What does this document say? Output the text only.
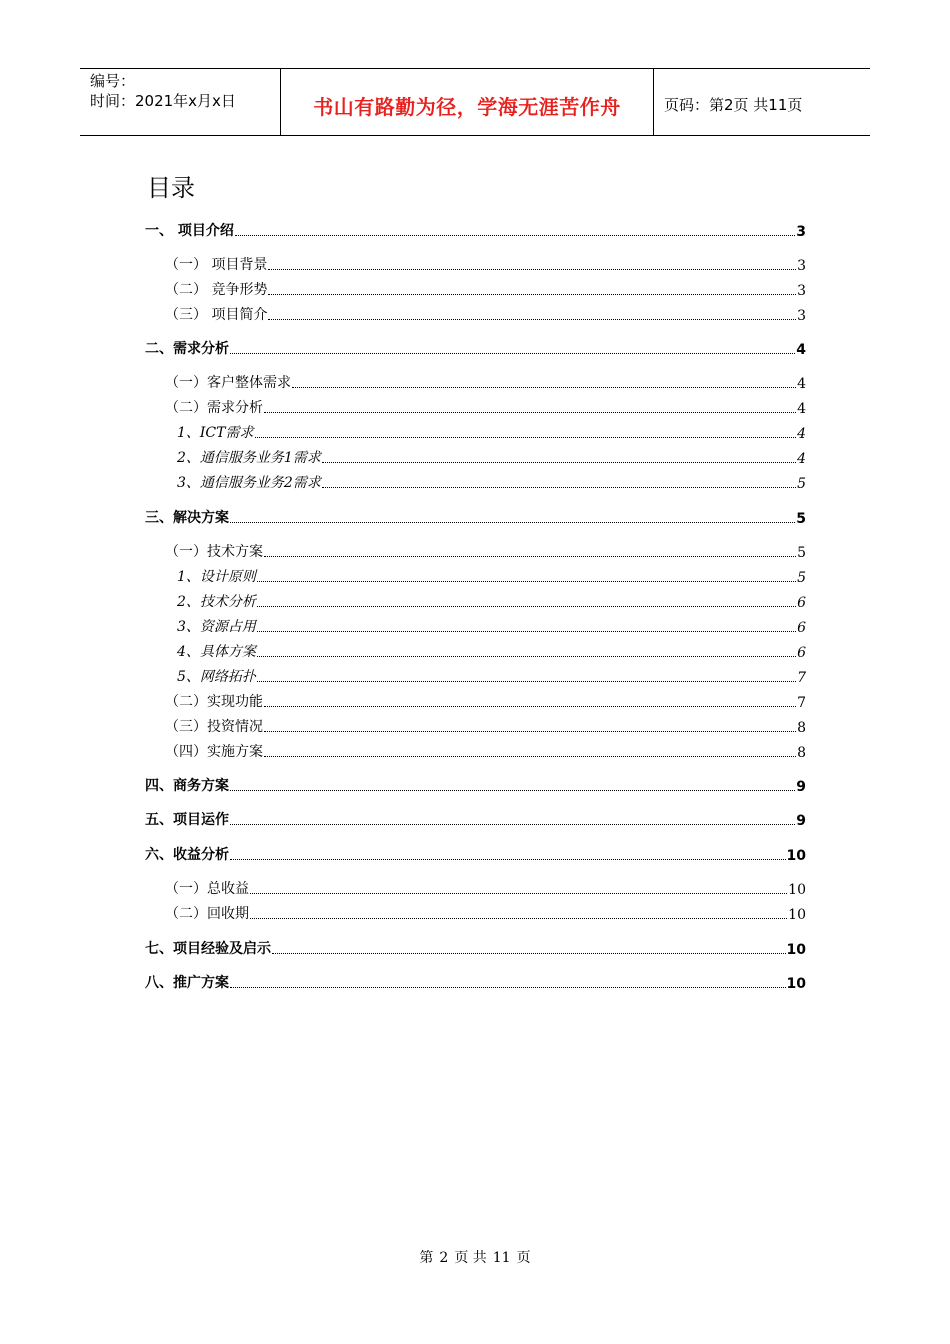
编号：
时间：2021年x月x日	书山有路勤为径，学海无涯苦作舟	页码：第2页 共11页
目录
一、 项目介绍	3
（一） 项目背景	3
（二） 竞争形势	3
（三） 项目简介	3
二、需求分析	4
（一）客户整体需求	4
（二）需求分析	4
1、ICT需求	4
2、通信服务业务1需求	4
3、通信服务业务2需求	5
三、解决方案	5
（一）技术方案	5
1、设计原则	5
2、技术分析	6
3、资源占用	6
4、具体方案	6
5、网络拓扑	7
（二）实现功能	7
（三）投资情况	8
（四）实施方案	8
四、商务方案	9
五、项目运作	9
六、收益分析	10
（一）总收益	10
（二）回收期	10
七、项目经验及启示	10
八、推广方案	10
第 2 页 共 11 页
